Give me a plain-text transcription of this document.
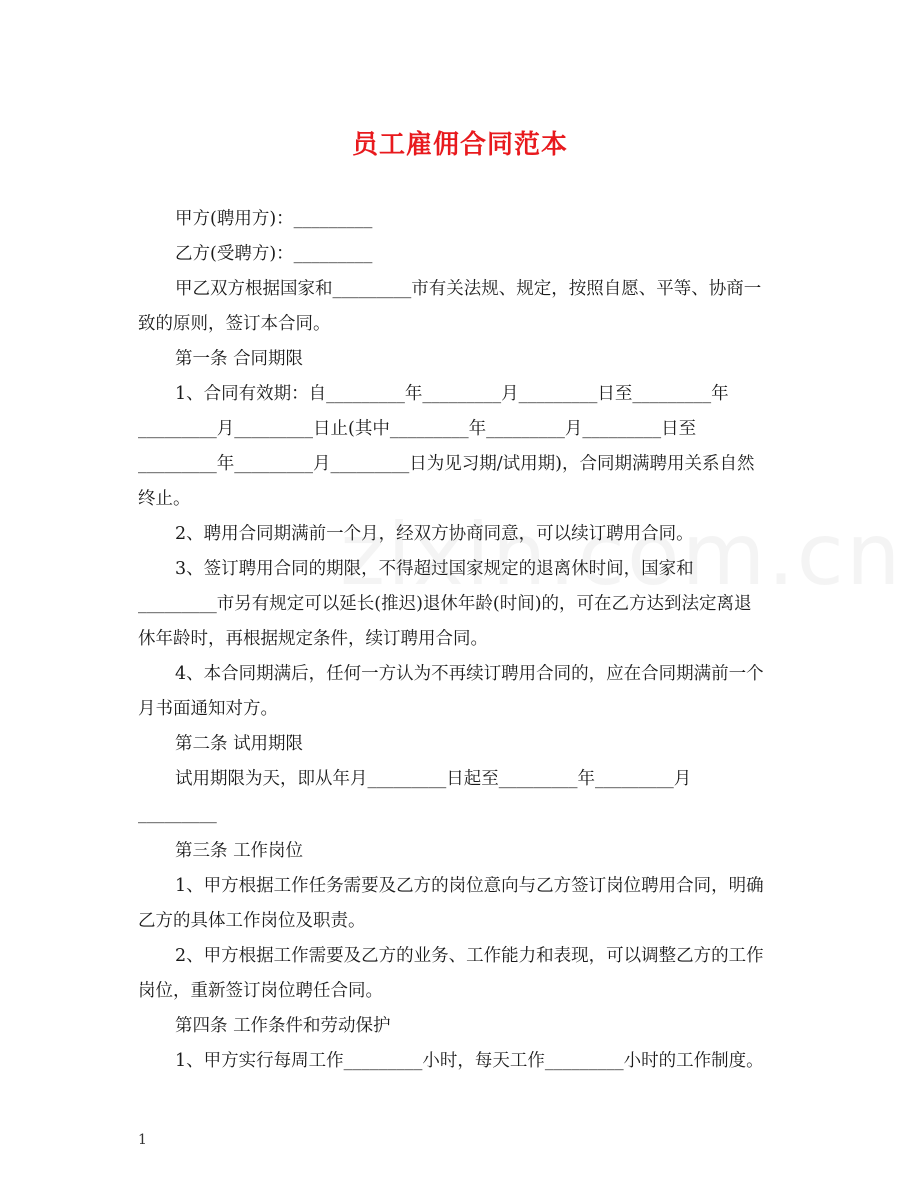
员工雇佣合同范本
甲方(聘用方)：_________
乙方(受聘方)：_________
甲乙双方根据国家和_________市有关法规、规定，按照自愿、平等、协商一
致的原则，签订本合同。
第一条 合同期限
1、合同有效期：自_________年_________月_________日至_________年
_________月_________日止(其中_________年_________月_________日至
_________年_________月_________日为见习期/试用期)，合同期满聘用关系自然
终止。
2、聘用合同期满前一个月，经双方协商同意，可以续订聘用合同。
3、签订聘用合同的期限，不得超过国家规定的退离休时间，国家和
_________市另有规定可以延长(推迟)退休年龄(时间)的，可在乙方达到法定离退
休年龄时，再根据规定条件，续订聘用合同。
4、本合同期满后，任何一方认为不再续订聘用合同的，应在合同期满前一个
月书面通知对方。
第二条 试用期限
试用期限为天，即从年月_________日起至_________年_________月
_________
第三条 工作岗位
1、甲方根据工作任务需要及乙方的岗位意向与乙方签订岗位聘用合同，明确
乙方的具体工作岗位及职责。
2、甲方根据工作需要及乙方的业务、工作能力和表现，可以调整乙方的工作
岗位，重新签订岗位聘任合同。
第四条 工作条件和劳动保护
1、甲方实行每周工作_________小时，每天工作_________小时的工作制度。
1
